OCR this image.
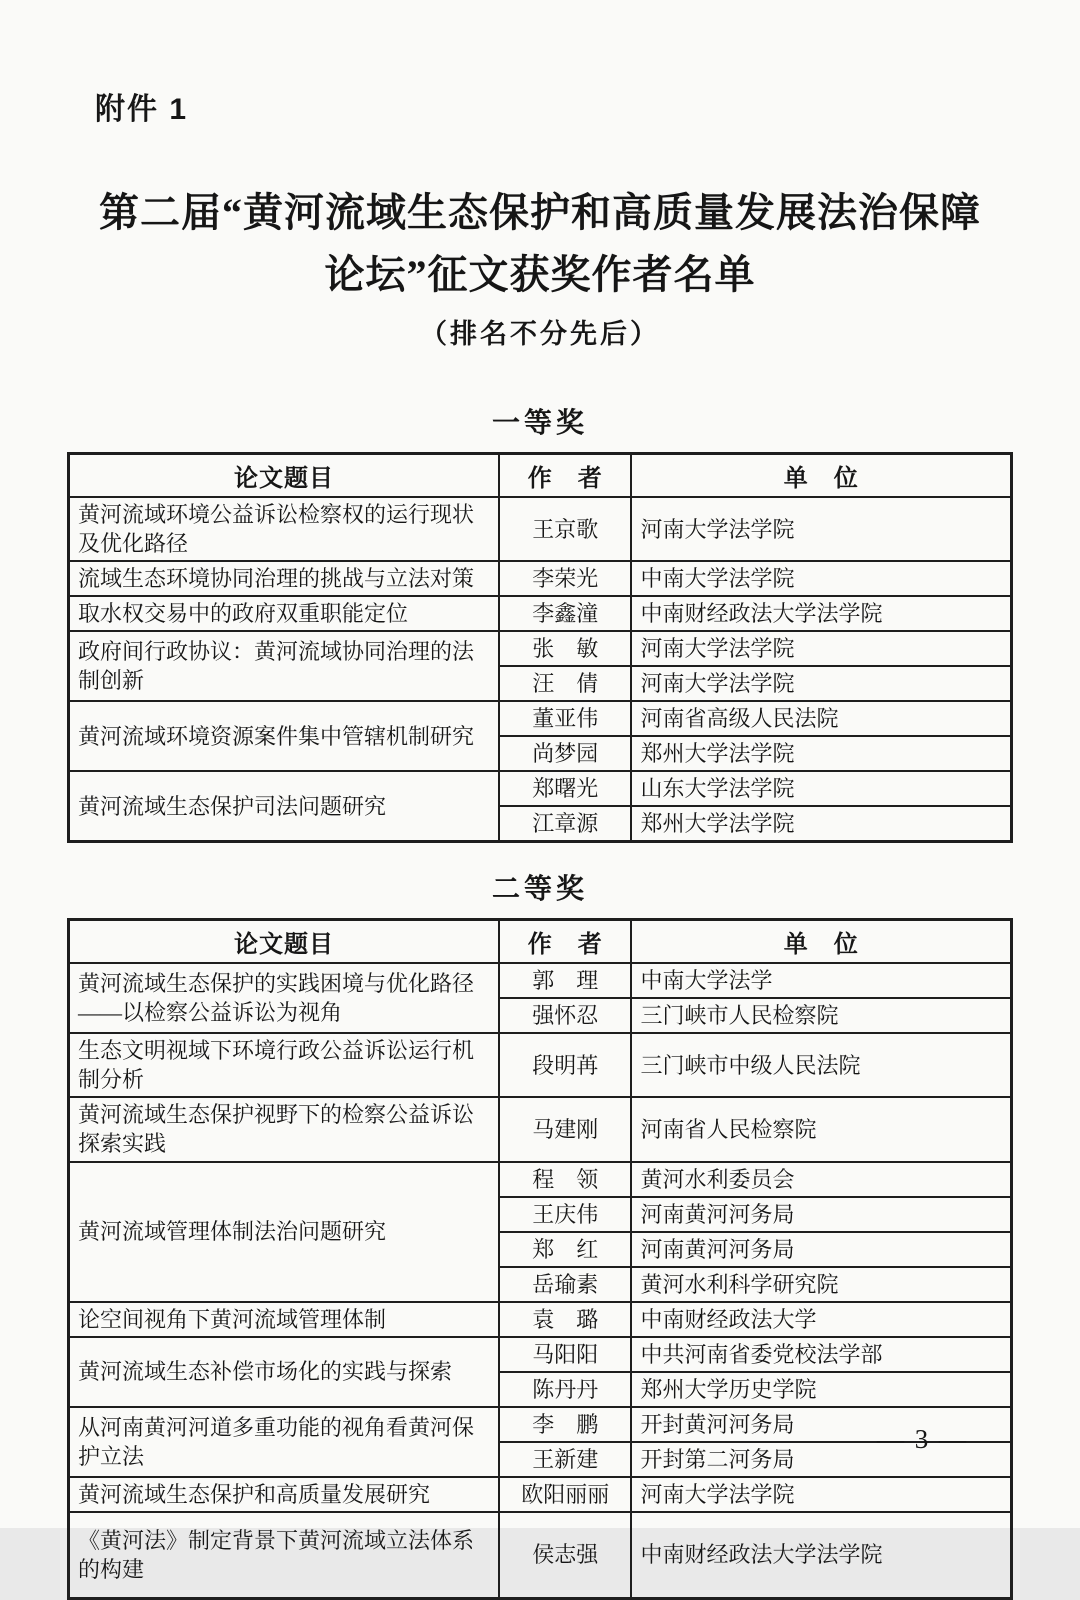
附件 1
第二届“黄河流域生态保护和高质量发展法治保障
论坛”征文获奖作者名单
（排名不分先后）
一等奖
论文题目	作　者	单　位
黄河流域环境公益诉讼检察权的运行现状及优化路径	王京歌	河南大学法学院
流域生态环境协同治理的挑战与立法对策	李荣光	中南大学法学院
取水权交易中的政府双重职能定位	李鑫潼	中南财经政法大学法学院
政府间行政协议：黄河流域协同治理的法制创新	张　敏	河南大学法学院
	汪　倩	河南大学法学院
黄河流域环境资源案件集中管辖机制研究	董亚伟	河南省高级人民法院
	尚梦园	郑州大学法学院
黄河流域生态保护司法问题研究	郑曙光	山东大学法学院
	江章源	郑州大学法学院
二等奖
论文题目	作　者	单　位
黄河流域生态保护的实践困境与优化路径——以检察公益诉讼为视角	郭　理	中南大学法学
	强怀忍	三门峡市人民检察院
生态文明视域下环境行政公益诉讼运行机制分析	段明苒	三门峡市中级人民法院
黄河流域生态保护视野下的检察公益诉讼探索实践	马建刚	河南省人民检察院
黄河流域管理体制法治问题研究	程　领	黄河水利委员会
	王庆伟	河南黄河河务局
	郑　红	河南黄河河务局
	岳瑜素	黄河水利科学研究院
论空间视角下黄河流域管理体制	袁　璐	中南财经政法大学
黄河流域生态补偿市场化的实践与探索	马阳阳	中共河南省委党校法学部
	陈丹丹	郑州大学历史学院
从河南黄河河道多重功能的视角看黄河保护立法	李　鹏	开封黄河河务局
	王新建	开封第二河务局
黄河流域生态保护和高质量发展研究	欧阳丽丽	河南大学法学院
《黄河法》制定背景下黄河流域立法体系的构建	侯志强	中南财经政法大学法学院
— 3 —
